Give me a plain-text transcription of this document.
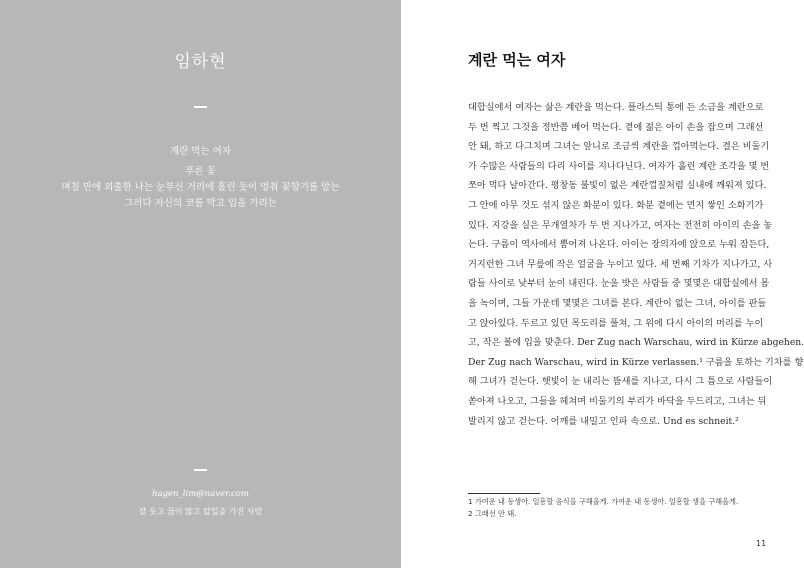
임하현
계란 먹는 여자
푸른 꽃
며칠 만에 외출한 나는 눈부신 거리에 홀린 듯이 멍춰 꽃향기를 맡는
그러다 자신의 코를 막고 입을 가리는
hagen_lim@naver.com
잘 웃고 끊이 많고 칼밀을 가진 사람
계란 먹는 여자
대합실에서 여자는 삶은 계란을 먹는다. 플라스틱 통에 든 소금을 계란으로
두 번 찍고 그것을 정반쯤 베어 먹는다. 곁에 젊은 아이 손을 잡으며 그래선
안 돼, 하고 다그치며 그녀는 앞니로 조금씩 계란을 껍아먹는다. 결은 비둘기
가 수많은 사람들의 다리 사이를 지나다닌다. 여자가 흘린 계란 조각을 몇 번
쪼아 먹다 날아간다. 평창동 불빛이 없은 계란껍질처럼 실내에 깨워져 있다.
그 안에 아무 것도 섞지 않은 화분이 있다. 화분 곁에는 먼지 쌓인 소화기가
있다. 지강을 실은 무개열차가 두 번 지나가고, 여자는 전전히 아이의 손을 놓
는다. 구름이 역사에서 뿜어져 나온다. 아이는 장의자에 앉으로 누워 잠든다,
거지런한 그녀 무릎에 작은 얼굴을 누이고 있다. 세 번째 기차가 지나가고, 사
람들 사이로 낮부터 눈이 내린다. 눈을 밧은 사람들 중 몇몇은 대합실에서 몸
을 녹이며, 그들 가운데 몇몇은 그녀를 본다. 계란이 없는 그녀, 아이를 판들
고 앉아있다. 두르고 있던 목도리를 풀쳐, 그 위에 다시 아이의 머리를 누이
고, 작은 볼에 입을 맞춘다. Der Zug nach Warschau, wird in Kürze abgehen.
Der Zug nach Warschau, wird in Kürze verlassen.¹ 구름을 토하는 기차를 향
해 그녀가 걷는다. 햇빛이 눈 내리는 뜸새를 지나고, 다시 그 틈으로 사람들이
쏟아져 나오고, 그들을 헤쳐며 비둘기의 부리가 바닥을 두드리고, 그녀는 뒤
발리지 않고 걷는다. 어깨를 내밀고 인파 속으로. Und es schneit.²
1 가여운 내 동생아. 일흥할 음식을 구해올게. 가여운 내 동생아. 일흥할 생을 구해올게.
2 그래선 안 돼.
11
